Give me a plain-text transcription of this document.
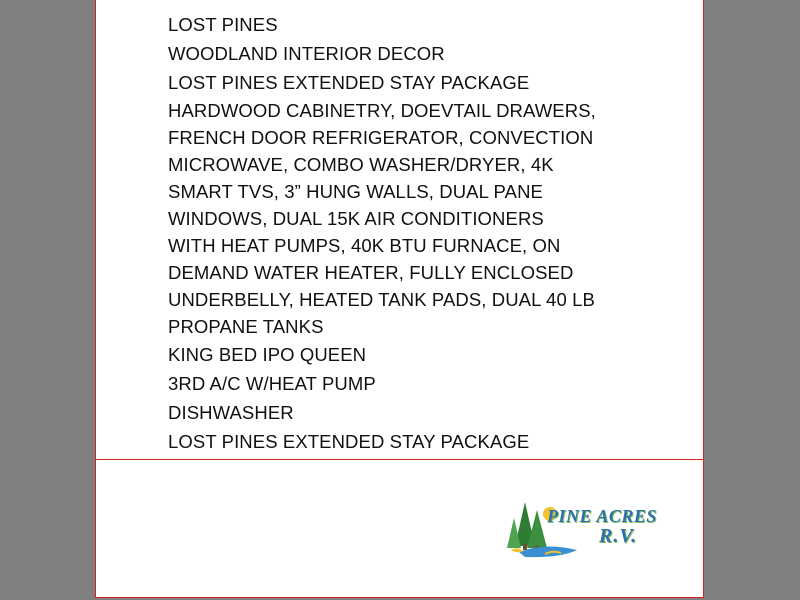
LOST PINES
WOODLAND INTERIOR DECOR
LOST PINES EXTENDED STAY PACKAGE
HARDWOOD CABINETRY, DOEVTAIL DRAWERS,
FRENCH DOOR REFRIGERATOR, CONVECTION
MICROWAVE, COMBO WASHER/DRYER, 4K
SMART TVS, 3” HUNG WALLS, DUAL PANE
WINDOWS, DUAL 15K AIR CONDITIONERS
WITH HEAT PUMPS, 40K BTU FURNACE, ON
DEMAND WATER HEATER, FULLY ENCLOSED
UNDERBELLY, HEATED TANK PADS, DUAL 40 LB
PROPANE TANKS
KING BED IPO QUEEN
3RD A/C W/HEAT PUMP
DISHWASHER
LOST PINES EXTENDED STAY PACKAGE
PINE ACRES
R.V.
